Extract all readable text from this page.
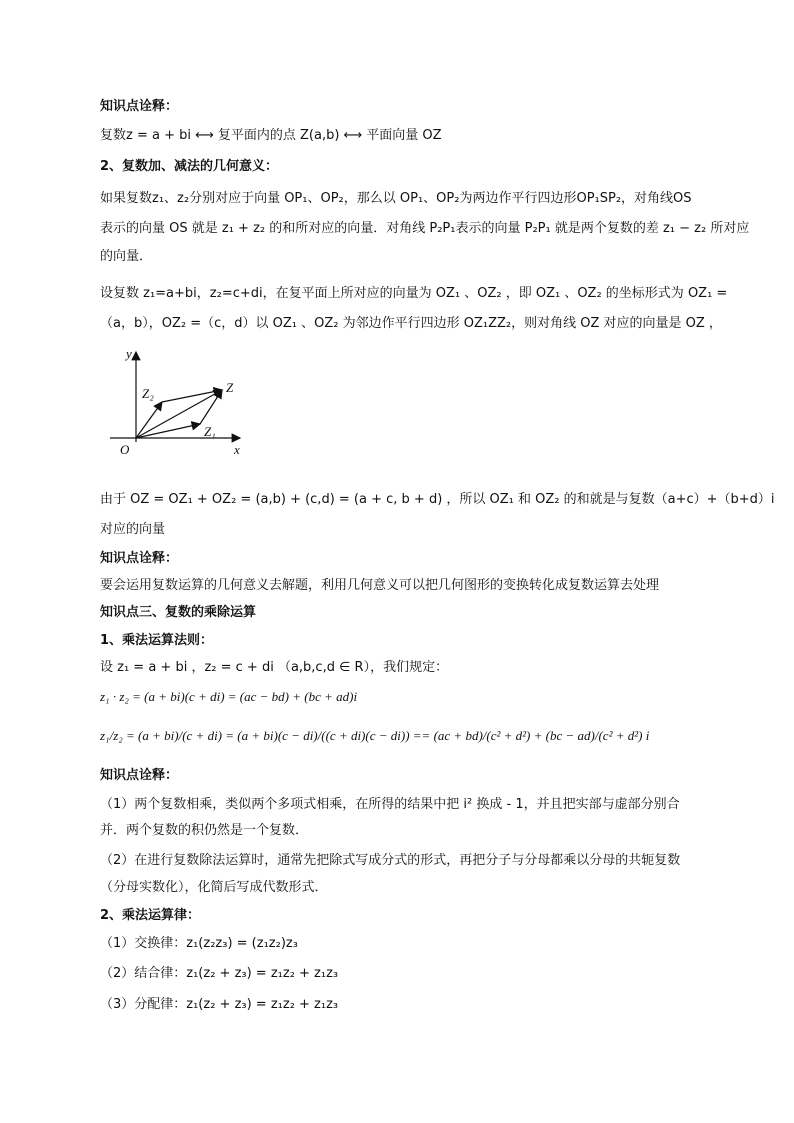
知识点诠释：
复数z = a + bi ⟷ 复平面内的点 Z(a,b) ⟷ 平面向量 OZ
2、复数加、减法的几何意义：
如果复数z₁、z₂分别对应于向量 OP₁、OP₂，那么以 OP₁、OP₂为两边作平行四边形OP₁SP₂，对角线OS
表示的向量 OS 就是 z₁ + z₂ 的和所对应的向量．对角线 P₂P₁表示的向量 P₂P₁ 就是两个复数的差 z₁ − z₂ 所对应
的向量．
设复数 z₁=a+bi，z₂=c+di，在复平面上所对应的向量为 OZ₁ 、OZ₂ ，即 OZ₁ 、OZ₂ 的坐标形式为 OZ₁ =
（a，b），OZ₂ =（c，d）以 OZ₁ 、OZ₂ 为邻边作平行四边形 OZ₁ZZ₂，则对角线 OZ 对应的向量是 OZ ，
y
x
O
Z
Z₁
Z₂
由于 OZ = OZ₁ + OZ₂ = (a,b) + (c,d) = (a + c, b + d) ，所以 OZ₁ 和 OZ₂ 的和就是与复数（a+c）+（b+d）i
对应的向量
知识点诠释：
要会运用复数运算的几何意义去解题，利用几何意义可以把几何图形的变换转化成复数运算去处理
知识点三、复数的乘除运算
1、乘法运算法则：
设 z₁ = a + bi ，z₂ = c + di （a,b,c,d ∈ R），我们规定：
z₁ · z₂ = (a + bi)(c + di) = (ac − bd) + (bc + ad)i
z₁/z₂ = (a + bi)/(c + di) = (a + bi)(c − di)/((c + di)(c − di)) == (ac + bd)/(c² + d²) + (bc − ad)/(c² + d²) i
知识点诠释：
（1）两个复数相乘，类似两个多项式相乘，在所得的结果中把 i² 换成 - 1，并且把实部与虚部分别合
并．两个复数的积仍然是一个复数．
（2）在进行复数除法运算时，通常先把除式写成分式的形式，再把分子与分母都乘以分母的共轭复数
（分母实数化），化简后写成代数形式．
2、乘法运算律：
（1）交换律：z₁(z₂z₃) = (z₁z₂)z₃
（2）结合律：z₁(z₂ + z₃) = z₁z₂ + z₁z₃
（3）分配律：z₁(z₂ + z₃) = z₁z₂ + z₁z₃
